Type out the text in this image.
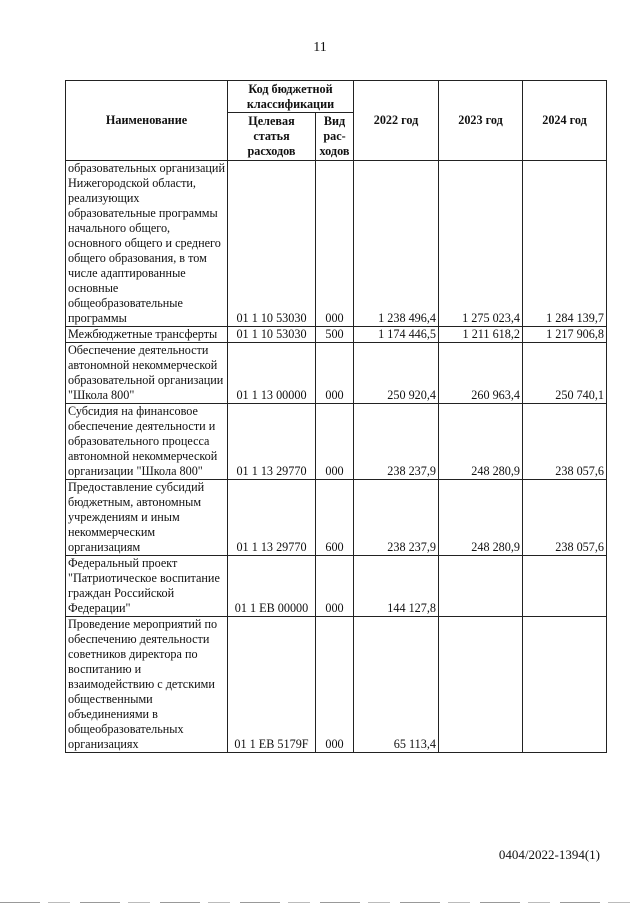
11
Наименование	Код бюджетной классификации		2022 год	2023 год	2024 год
	Целевая статья расходов	Вид рас-ходов			
образовательных организаций Нижегородской области, реализующих образовательные программы начального общего, основного общего и среднего общего образования, в том числе адаптированные основные общеобразовательные программы	01 1 10 53030	000	1 238 496,4	1 275 023,4	1 284 139,7
Межбюджетные трансферты	01 1 10 53030	500	1 174 446,5	1 211 618,2	1 217 906,8
Обеспечение деятельности автономной некоммерческой образовательной организации "Школа 800"	01 1 13 00000	000	250 920,4	260 963,4	250 740,1
Субсидия на финансовое обеспечение деятельности и образовательного процесса автономной некоммерческой организации "Школа 800"	01 1 13 29770	000	238 237,9	248 280,9	238 057,6
Предоставление субсидий бюджетным, автономным учреждениям и иным некоммерческим организациям	01 1 13 29770	600	238 237,9	248 280,9	238 057,6
Федеральный проект "Патриотическое воспитание граждан Российской Федерации"	01 1 EB 00000	000	144 127,8		
Проведение мероприятий по обеспечению деятельности советников директора по воспитанию и взаимодействию с детскими общественными объединениями в общеобразовательных организациях	01 1 EB 5179F	000	65 113,4		
0404/2022-1394(1)
